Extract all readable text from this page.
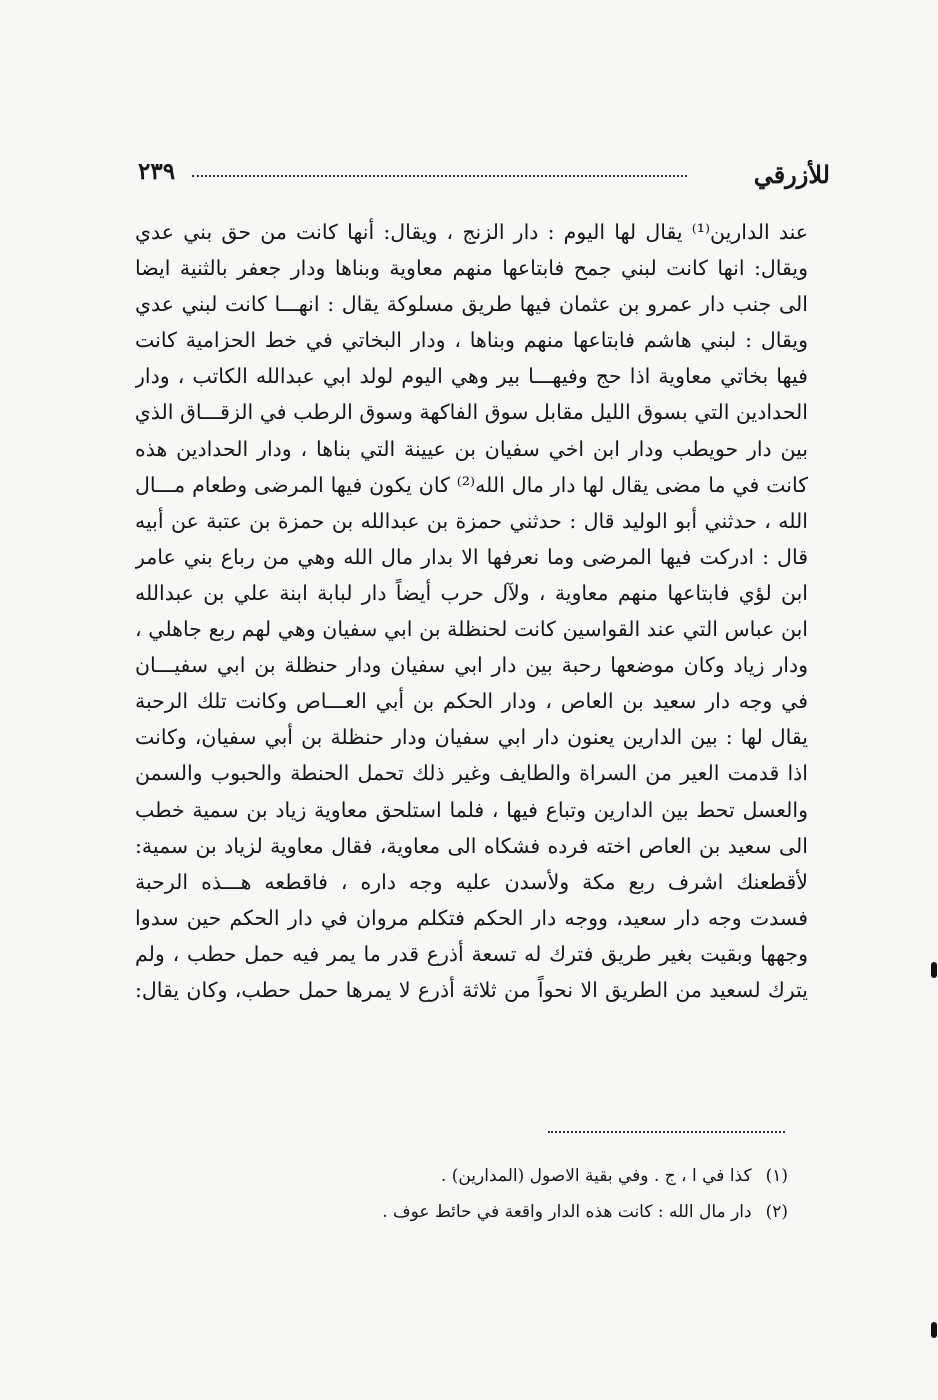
للأزرقي
٢٣٩
عند الدارين⁽¹⁾ يقال لها اليوم : دار الزنج ، ويقال: أنها كانت من حق بني عدي
ويقال: انها كانت لبني جمح فابتاعها منهم معاوية وبناها ودار جعفر بالثنية ايضا
الى جنب دار عمرو بن عثمان فيها طريق مسلوكة يقال : انهـــا كانت لبني عدي
ويقال : لبني هاشم فابتاعها منهم وبناها ، ودار البخاتي في خط الحزامية كانت
فيها بخاتي معاوية اذا حج وفيهـــا بير وهي اليوم لولد ابي عبدالله الكاتب ، ودار
الحدادين التي بسوق الليل مقابل سوق الفاكهة وسوق الرطب في الزقـــاق الذي
بين دار حويطب ودار ابن اخي سفيان بن عيينة التي بناها ، ودار الحدادين هذه
كانت في ما مضى يقال لها دار مال الله⁽²⁾ كان يكون فيها المرضى وطعام مـــال
الله ، حدثني أبو الوليد قال : حدثني حمزة بن عبدالله بن حمزة بن عتبة عن أبيه
قال : ادركت فيها المرضى وما نعرفها الا بدار مال الله وهي من رباع بني عامر
ابن لؤي فابتاعها منهم معاوية ، ولآل حرب أيضاً دار لبابة ابنة علي بن عبدالله
ابن عباس التي عند القواسين كانت لحنظلة بن ابي سفيان وهي لهم ربع جاهلي ،
ودار زياد وكان موضعها رحبة بين دار ابي سفيان ودار حنظلة بن ابي سفيـــان
في وجه دار سعيد بن العاص ، ودار الحكم بن أبي العـــاص وكانت تلك الرحبة
يقال لها : بين الدارين يعنون دار ابي سفيان ودار حنظلة بن أبي سفيان، وكانت
اذا قدمت العير من السراة والطايف وغير ذلك تحمل الحنطة والحبوب والسمن
والعسل تحط بين الدارين وتباع فيها ، فلما استلحق معاوية زياد بن سمية خطب
الى سعيد بن العاص اخته فرده فشكاه الى معاوية، فقال معاوية لزياد بن سمية:
لأقطعنك اشرف ربع مكة ولأسدن عليه وجه داره ، فاقطعه هـــذه الرحبة
فسدت وجه دار سعيد، ووجه دار الحكم فتكلم مروان في دار الحكم حين سدوا
وجهها وبقيت بغير طريق فترك له تسعة أذرع قدر ما يمر فيه حمل حطب ، ولم
يترك لسعيد من الطريق الا نحواً من ثلاثة أذرع لا يمرها حمل حطب، وكان يقال:
(١)كذا في ا ، ج . وفي بقية الاصول (المدارين) .
(٢)دار مال الله : كانت هذه الدار واقعة في حائط عوف .
